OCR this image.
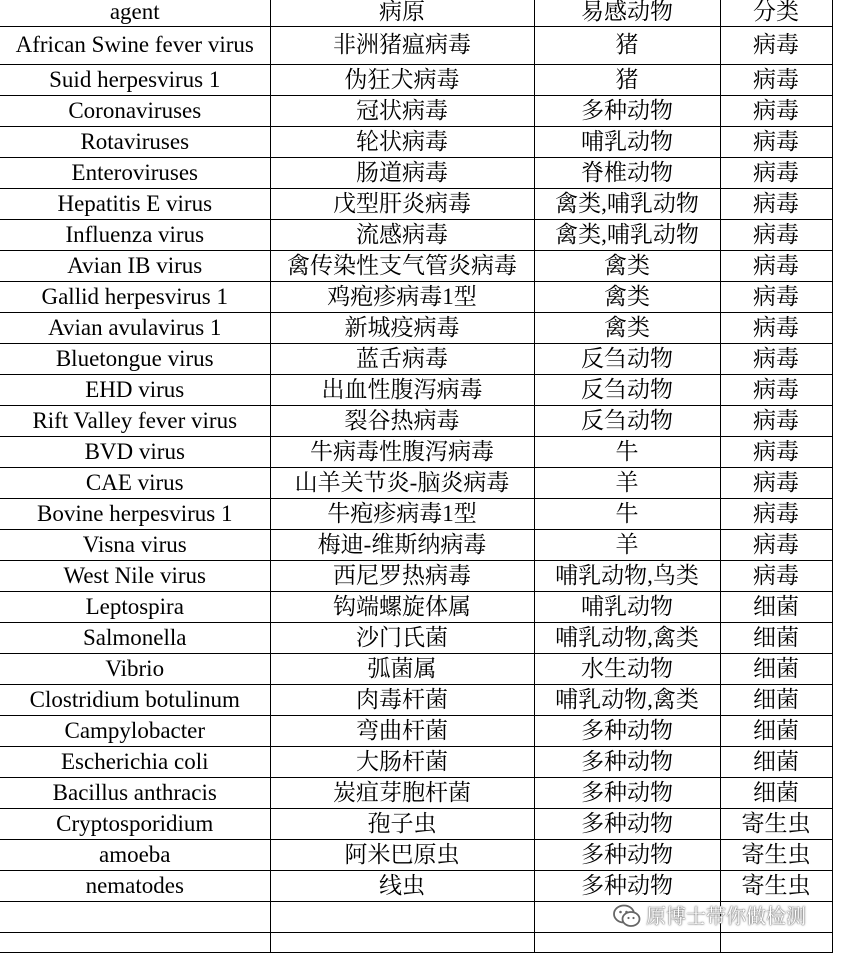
agent	病原	易感动物	分类
African Swine fever virus	非洲猪瘟病毒	猪	病毒
Suid herpesvirus 1	伪狂犬病毒	猪	病毒
Coronaviruses	冠状病毒	多种动物	病毒
Rotaviruses	轮状病毒	哺乳动物	病毒
Enteroviruses	肠道病毒	脊椎动物	病毒
Hepatitis E virus	戊型肝炎病毒	禽类,哺乳动物	病毒
Influenza virus	流感病毒	禽类,哺乳动物	病毒
Avian IB virus	禽传染性支气管炎病毒	禽类	病毒
Gallid herpesvirus 1	鸡疱疹病毒1型	禽类	病毒
Avian avulavirus 1	新城疫病毒	禽类	病毒
Bluetongue virus	蓝舌病毒	反刍动物	病毒
EHD virus	出血性腹泻病毒	反刍动物	病毒
Rift Valley fever virus	裂谷热病毒	反刍动物	病毒
BVD virus	牛病毒性腹泻病毒	牛	病毒
CAE virus	山羊关节炎-脑炎病毒	羊	病毒
Bovine herpesvirus 1	牛疱疹病毒1型	牛	病毒
Visna virus	梅迪-维斯纳病毒	羊	病毒
West Nile virus	西尼罗热病毒	哺乳动物,鸟类	病毒
Leptospira	钩端螺旋体属	哺乳动物	细菌
Salmonella	沙门氏菌	哺乳动物,禽类	细菌
Vibrio	弧菌属	水生动物	细菌
Clostridium botulinum	肉毒杆菌	哺乳动物,禽类	细菌
Campylobacter	弯曲杆菌	多种动物	细菌
Escherichia coli	大肠杆菌	多种动物	细菌
Bacillus anthracis	炭疽芽胞杆菌	多种动物	细菌
Cryptosporidium	孢子虫	多种动物	寄生虫
amoeba	阿米巴原虫	多种动物	寄生虫
nematodes	线虫	多种动物	寄生虫

原博士带你做检测
